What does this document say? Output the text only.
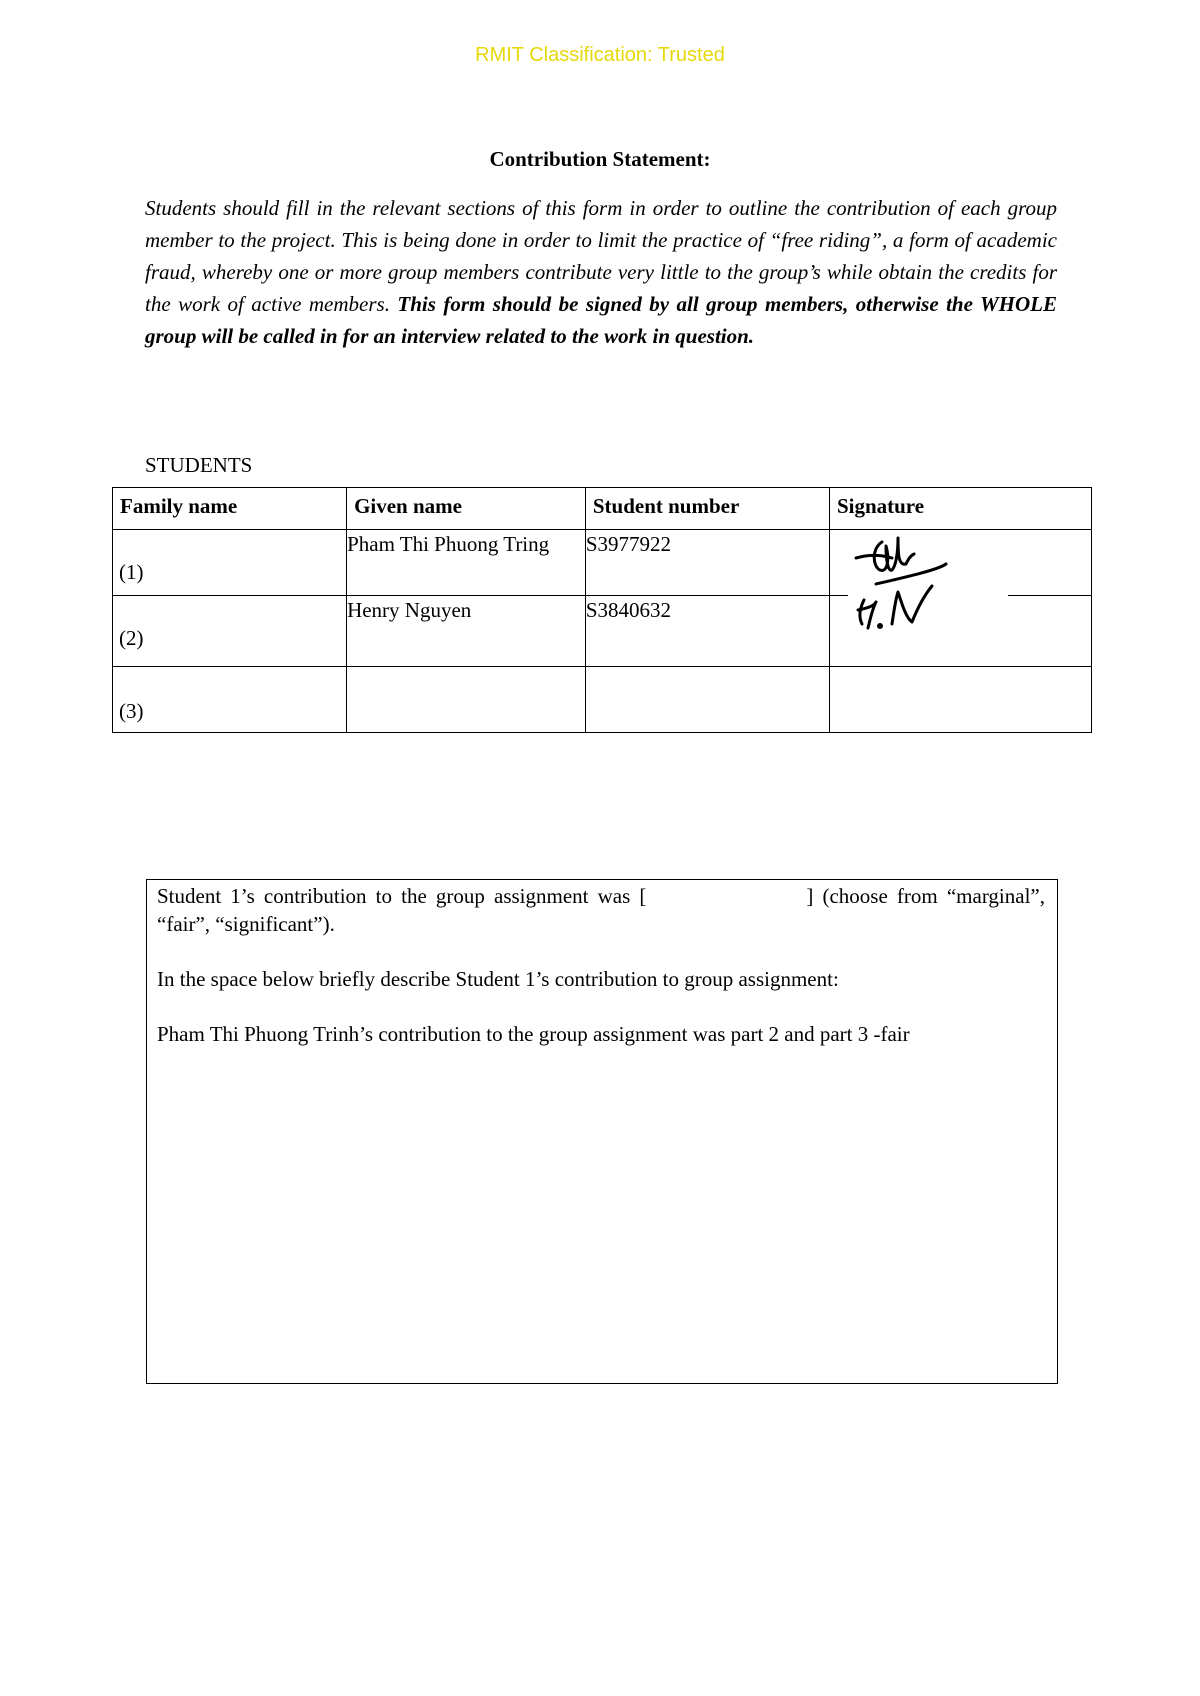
RMIT Classification: Trusted
Contribution Statement:
Students should fill in the relevant sections of this form in order to outline the contribution of each group member to the project. This is being done in order to limit the practice of “free riding”, a form of academic fraud, whereby one or more group members contribute very little to the group’s while obtain the credits for the work of active members. This form should be signed by all group members, otherwise the WHOLE group will be called in for an interview related to the work in question.
STUDENTS
Family name	Given name	Student number	Signature

(1)	Pham Thi Phuong Tring	S3977922	

(2)	Henry Nguyen	S3840632	

(3)			

Student 1’s contribution to the group assignment was [	] (choose from “marginal”, “fair”, “significant”).

In the space below briefly describe Student 1’s contribution to group assignment:

Pham Thi Phuong Trinh’s contribution to the group assignment was part 2 and part 3 -fair
